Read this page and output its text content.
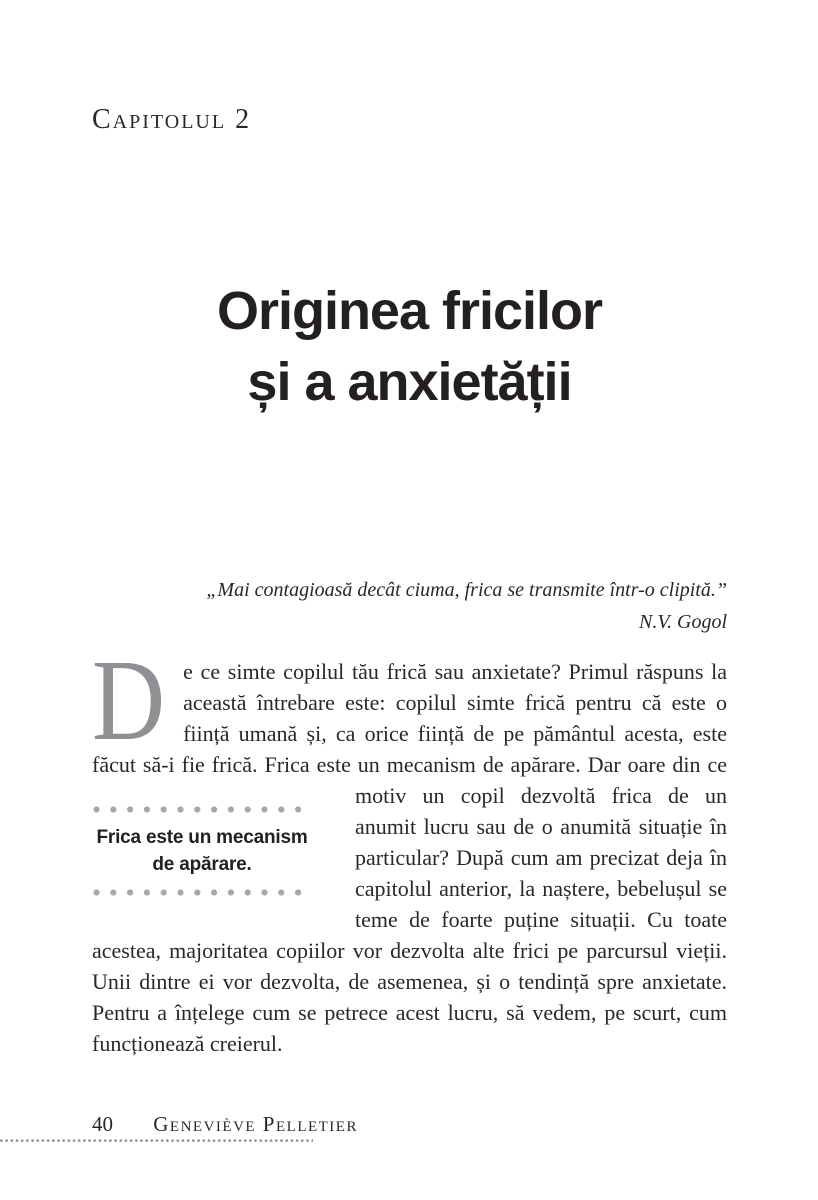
Capitolul 2
Originea fricilor
și a anxietății
„Mai contagioasă decât ciuma, frica se transmite într-o clipită.”
N.V. Gogol

De ce simte copilul tău frică sau anxietate? Primul răspuns la această întrebare este: copilul simte frică pentru că este o ființă umană și, ca orice ființă de pe pământul acesta, este făcut să-i fie frică. Frica este un mecanism de apărare. Dar oare din
Frica este un mecanism
de apărare.
ce motiv un copil dezvoltă frica de un anumit lucru sau de o anumită situație în particular? După cum am precizat deja în capitolul anterior, la naștere, bebelușul se teme de foarte puține situații. Cu toate acestea, majoritatea copiilor vor dezvolta alte frici pe parcursul vieții. Unii dintre ei vor dezvolta, de asemenea, și o tendință spre anxietate. Pentru a înțelege cum se petrece acest lucru, să vedem, pe scurt, cum funcționează creierul.

40 Geneviève Pelletier
